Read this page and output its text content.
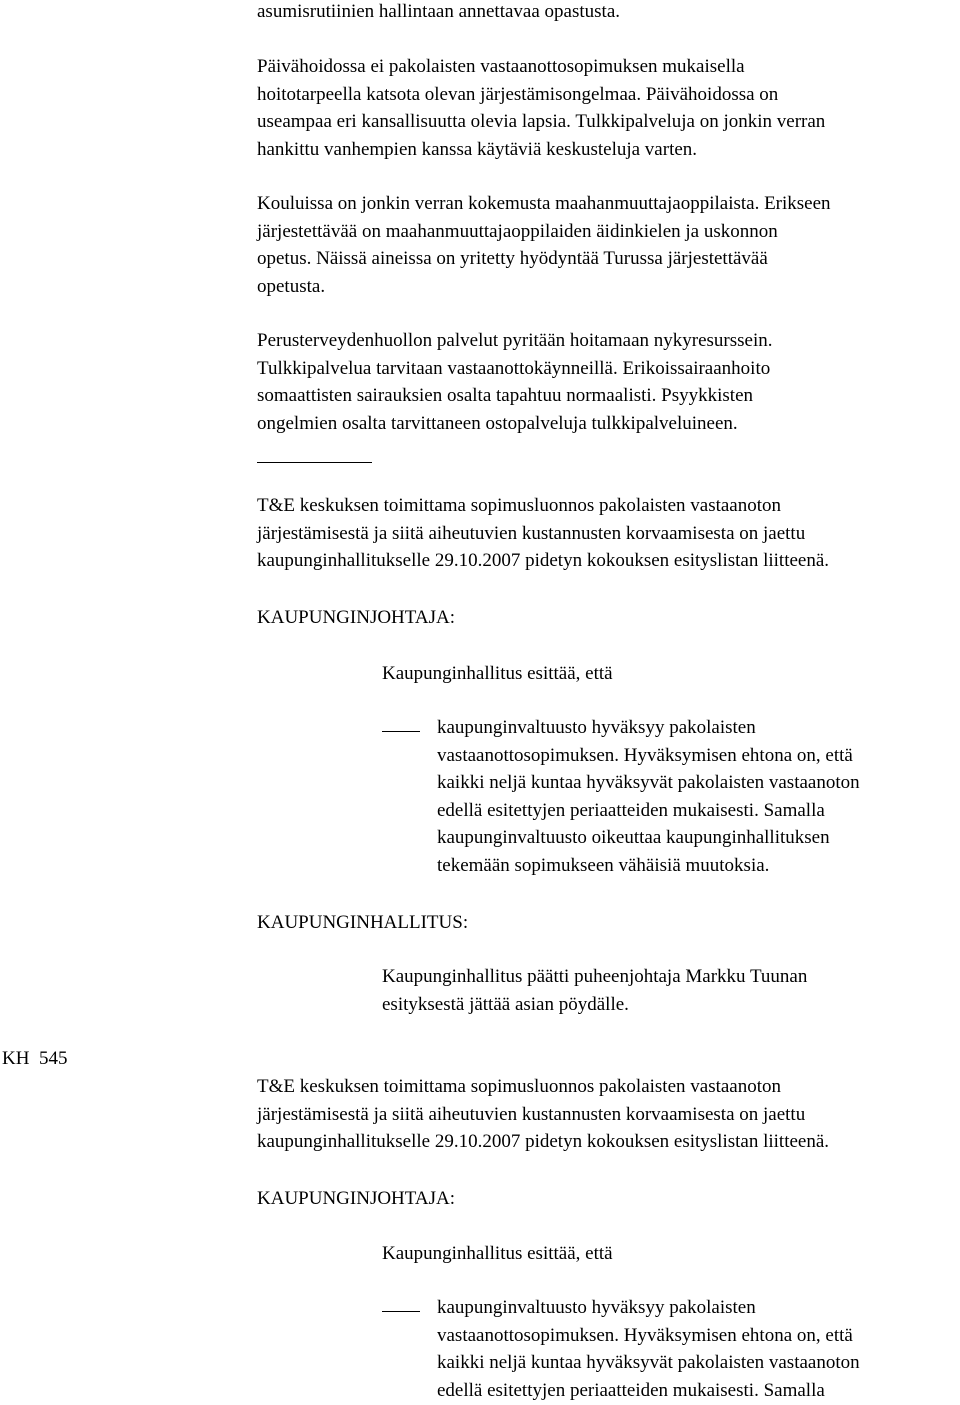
asumisrutiinien hallintaan annettavaa opastusta.
Päivähoidossa ei pakolaisten vastaanottosopimuksen mukaisella
hoitotarpeella katsota olevan järjestämisongelmaa. Päivähoidossa on
useampaa eri kansallisuutta olevia lapsia. Tulkkipalveluja on jonkin verran
hankittu vanhempien kanssa käytäviä keskusteluja varten.
Kouluissa on jonkin verran kokemusta maahanmuuttajaoppilaista. Erikseen
järjestettävää on maahanmuuttajaoppilaiden äidinkielen ja uskonnon
opetus. Näissä aineissa on yritetty hyödyntää Turussa järjestettävää
opetusta.
Perusterveydenhuollon palvelut pyritään hoitamaan nykyresurssein.
Tulkkipalvelua tarvitaan vastaanottokäynneillä. Erikoissairaanhoito
somaattisten sairauksien osalta tapahtuu normaalisti. Psyykkisten
ongelmien osalta tarvittaneen ostopalveluja tulkkipalveluineen.
T&E keskuksen toimittama sopimusluonnos pakolaisten vastaanoton
järjestämisestä ja siitä aiheutuvien kustannusten korvaamisesta on jaettu
kaupunginhallitukselle 29.10.2007 pidetyn kokouksen esityslistan liitteenä.
KAUPUNGINJOHTAJA:
Kaupunginhallitus esittää, että
kaupunginvaltuusto hyväksyy pakolaisten
vastaanottosopimuksen. Hyväksymisen ehtona on, että
kaikki neljä kuntaa hyväksyvät pakolaisten vastaanoton
edellä esitettyjen periaatteiden mukaisesti. Samalla
kaupunginvaltuusto oikeuttaa kaupunginhallituksen
tekemään sopimukseen vähäisiä muutoksia.
KAUPUNGINHALLITUS:
Kaupunginhallitus päätti puheenjohtaja Markku Tuunan
esityksestä jättää asian pöydälle.
KH  545
T&E keskuksen toimittama sopimusluonnos pakolaisten vastaanoton
järjestämisestä ja siitä aiheutuvien kustannusten korvaamisesta on jaettu
kaupunginhallitukselle 29.10.2007 pidetyn kokouksen esityslistan liitteenä.
KAUPUNGINJOHTAJA:
Kaupunginhallitus esittää, että
kaupunginvaltuusto hyväksyy pakolaisten
vastaanottosopimuksen. Hyväksymisen ehtona on, että
kaikki neljä kuntaa hyväksyvät pakolaisten vastaanoton
edellä esitettyjen periaatteiden mukaisesti. Samalla
